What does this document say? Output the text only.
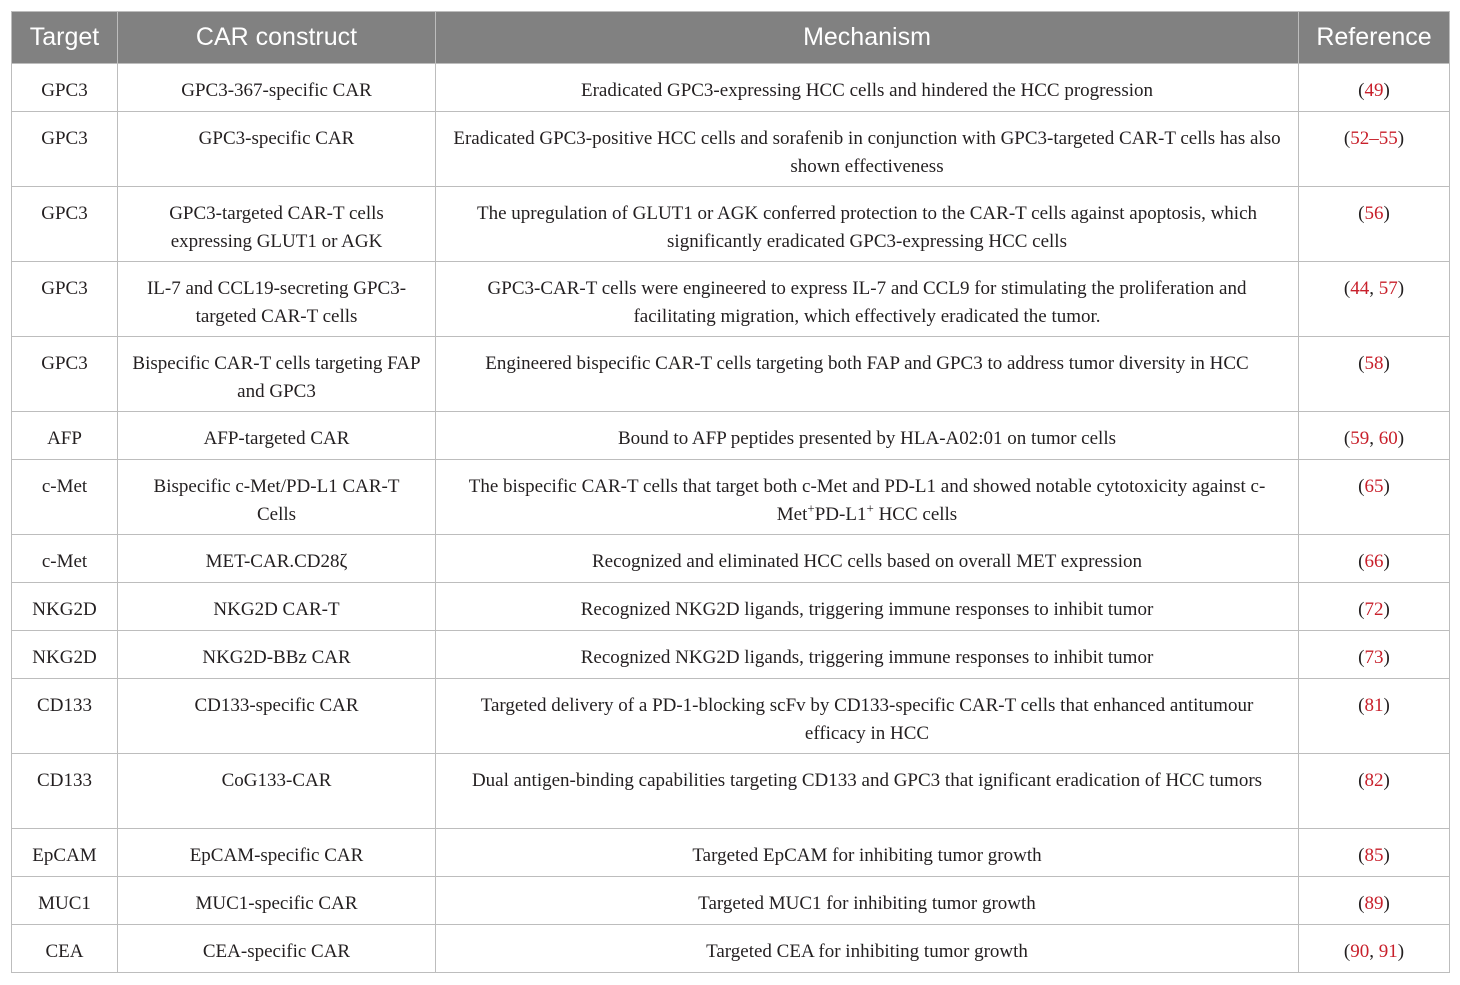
Target	CAR construct	Mechanism	Reference
GPC3	GPC3-367-specific CAR	Eradicated GPC3-expressing HCC cells and hindered the HCC progression	(49)
GPC3	GPC3-specific CAR	Eradicated GPC3-positive HCC cells and sorafenib in conjunction with GPC3-targeted CAR-T cells has also shown effectiveness	(52–55)
GPC3	GPC3-targeted CAR-T cells expressing GLUT1 or AGK	The upregulation of GLUT1 or AGK conferred protection to the CAR-T cells against apoptosis, which significantly eradicated GPC3-expressing HCC cells	(56)
GPC3	IL-7 and CCL19-secreting GPC3-targeted CAR-T cells	GPC3-CAR-T cells were engineered to express IL-7 and CCL9 for stimulating the proliferation and facilitating migration, which effectively eradicated the tumor.	(44, 57)
GPC3	Bispecific CAR-T cells targeting FAP and GPC3	Engineered bispecific CAR-T cells targeting both FAP and GPC3 to address tumor diversity in HCC	(58)
AFP	AFP-targeted CAR	Bound to AFP peptides presented by HLA-A02:01 on tumor cells	(59, 60)
c-Met	Bispecific c-Met/PD-L1 CAR-T Cells	The bispecific CAR-T cells that target both c-Met and PD-L1 and showed notable cytotoxicity against c-Met+PD-L1+ HCC cells	(65)
c-Met	MET-CAR.CD28ζ	Recognized and eliminated HCC cells based on overall MET expression	(66)
NKG2D	NKG2D CAR-T	Recognized NKG2D ligands, triggering immune responses to inhibit tumor	(72)
NKG2D	NKG2D-BBz CAR	Recognized NKG2D ligands, triggering immune responses to inhibit tumor	(73)
CD133	CD133-specific CAR	Targeted delivery of a PD-1-blocking scFv by CD133-specific CAR-T cells that enhanced antitumour efficacy in HCC	(81)
CD133	CoG133-CAR	Dual antigen-binding capabilities targeting CD133 and GPC3 that ignificant eradication of HCC tumors	(82)
EpCAM	EpCAM-specific CAR	Targeted EpCAM for inhibiting tumor growth	(85)
MUC1	MUC1-specific CAR	Targeted MUC1 for inhibiting tumor growth	(89)
CEA	CEA-specific CAR	Targeted CEA for inhibiting tumor growth	(90, 91)
